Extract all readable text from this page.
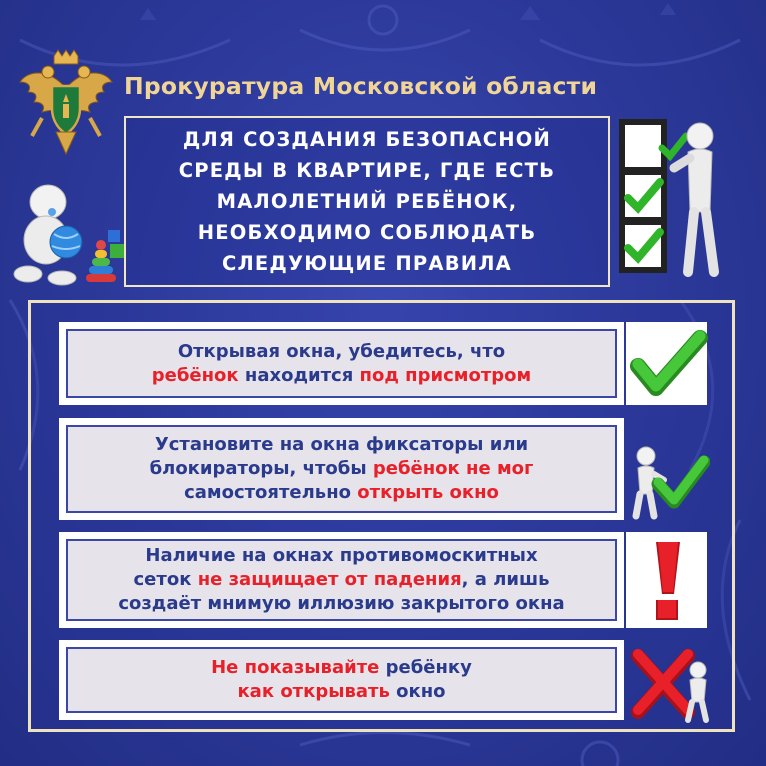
Прокуратура Московской области

ДЛЯ СОЗДАНИЯ БЕЗОПАСНОЙ
СРЕДЫ В КВАРТИРЕ, ГДЕ ЕСТЬ
МАЛОЛЕТНИЙ РЕБЁНОК,
НЕОБХОДИМО СОБЛЮДАТЬ
СЛЕДУЮЩИЕ ПРАВИЛА

Открывая окна, убедитесь, что
ребёнок находится под присмотром

Установите на окна фиксаторы или
блокираторы, чтобы ребёнок не мог
самостоятельно открыть окно

Наличие на окнах противомоскитных
сеток не защищает от падения, а лишь
создаёт мнимую иллюзию закрытого окна

Не показывайте ребёнку
как открывать окно
